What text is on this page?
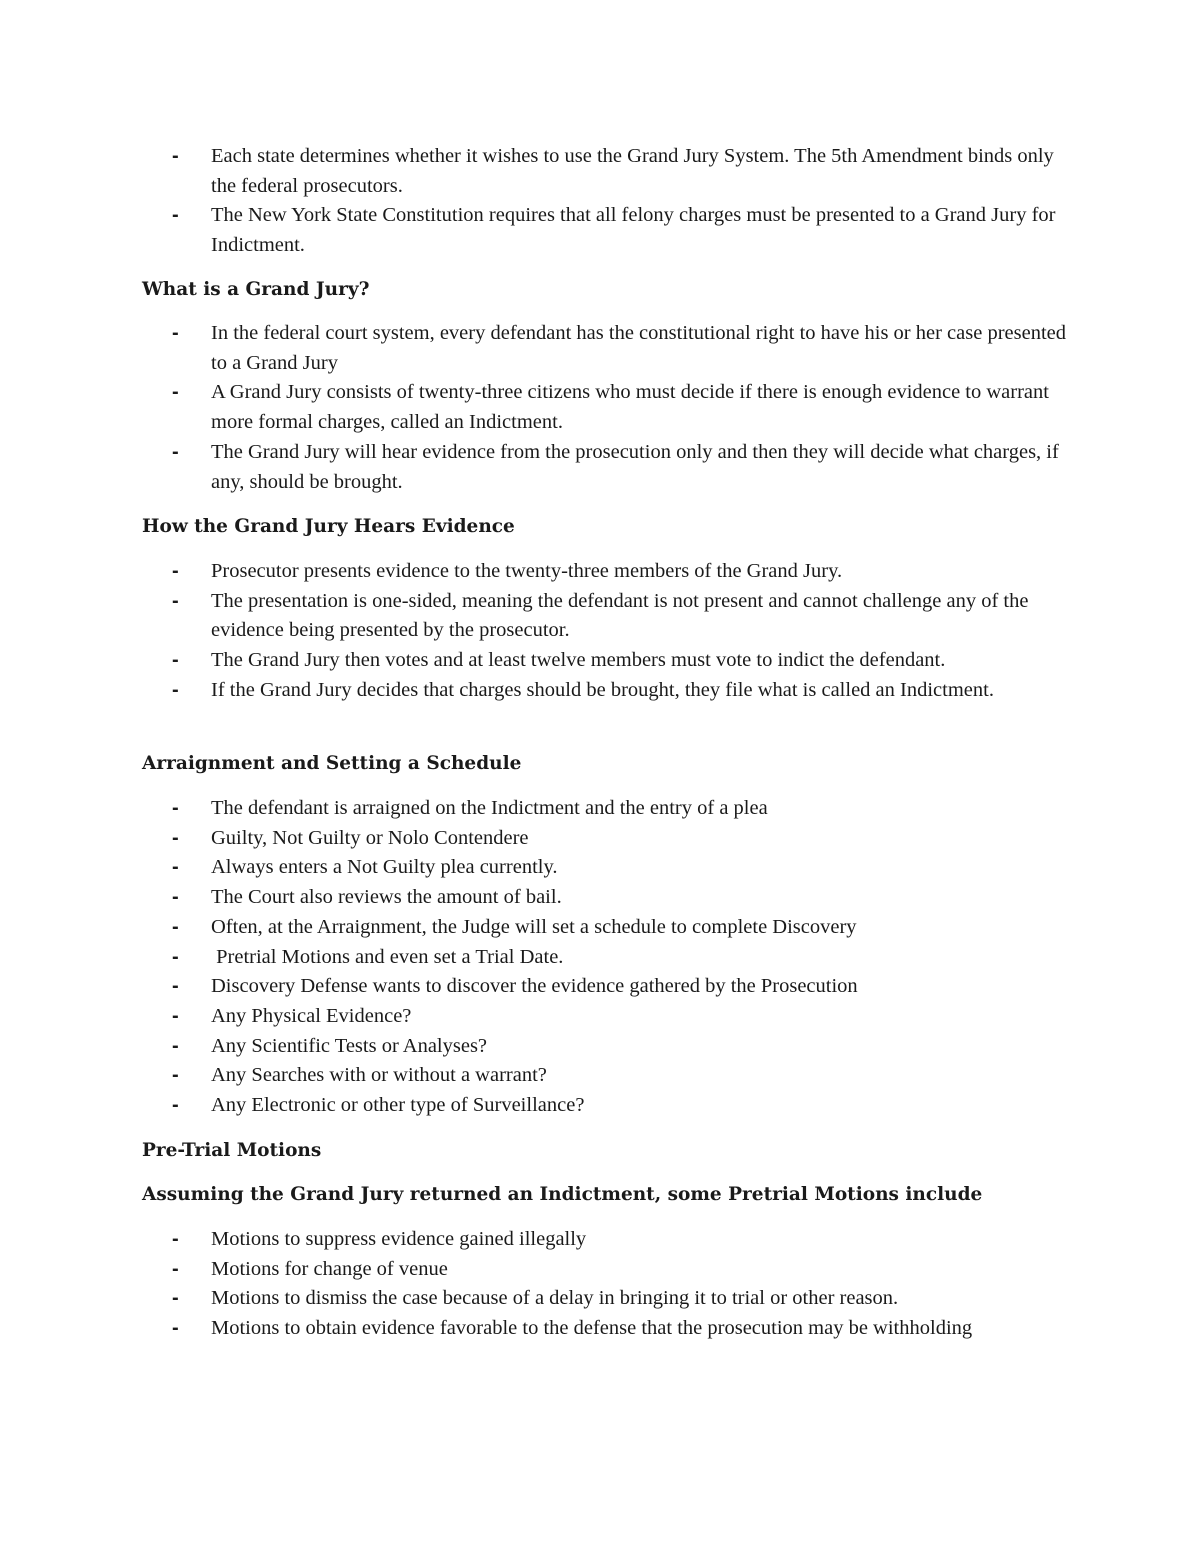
- Each state determines whether it wishes to use the Grand Jury System. The 5th Amendment binds only the federal prosecutors.
- The New York State Constitution requires that all felony charges must be presented to a Grand Jury for Indictment.
What is a Grand Jury?
- In the federal court system, every defendant has the constitutional right to have his or her case presented to a Grand Jury
- A Grand Jury consists of twenty-three citizens who must decide if there is enough evidence to warrant more formal charges, called an Indictment.
- The Grand Jury will hear evidence from the prosecution only and then they will decide what charges, if any, should be brought.
How the Grand Jury Hears Evidence
- Prosecutor presents evidence to the twenty-three members of the Grand Jury.
- The presentation is one-sided, meaning the defendant is not present and cannot challenge any of the evidence being presented by the prosecutor.
- The Grand Jury then votes and at least twelve members must vote to indict the defendant.
- If the Grand Jury decides that charges should be brought, they file what is called an Indictment.
Arraignment and Setting a Schedule
- The defendant is arraigned on the Indictment and the entry of a plea
- Guilty, Not Guilty or Nolo Contendere
- Always enters a Not Guilty plea currently.
- The Court also reviews the amount of bail.
- Often, at the Arraignment, the Judge will set a schedule to complete Discovery
- Pretrial Motions and even set a Trial Date.
- Discovery Defense wants to discover the evidence gathered by the Prosecution
- Any Physical Evidence?
- Any Scientific Tests or Analyses?
- Any Searches with or without a warrant?
- Any Electronic or other type of Surveillance?
Pre-Trial Motions
Assuming the Grand Jury returned an Indictment, some Pretrial Motions include
- Motions to suppress evidence gained illegally
- Motions for change of venue
- Motions to dismiss the case because of a delay in bringing it to trial or other reason.
- Motions to obtain evidence favorable to the defense that the prosecution may be withholding
